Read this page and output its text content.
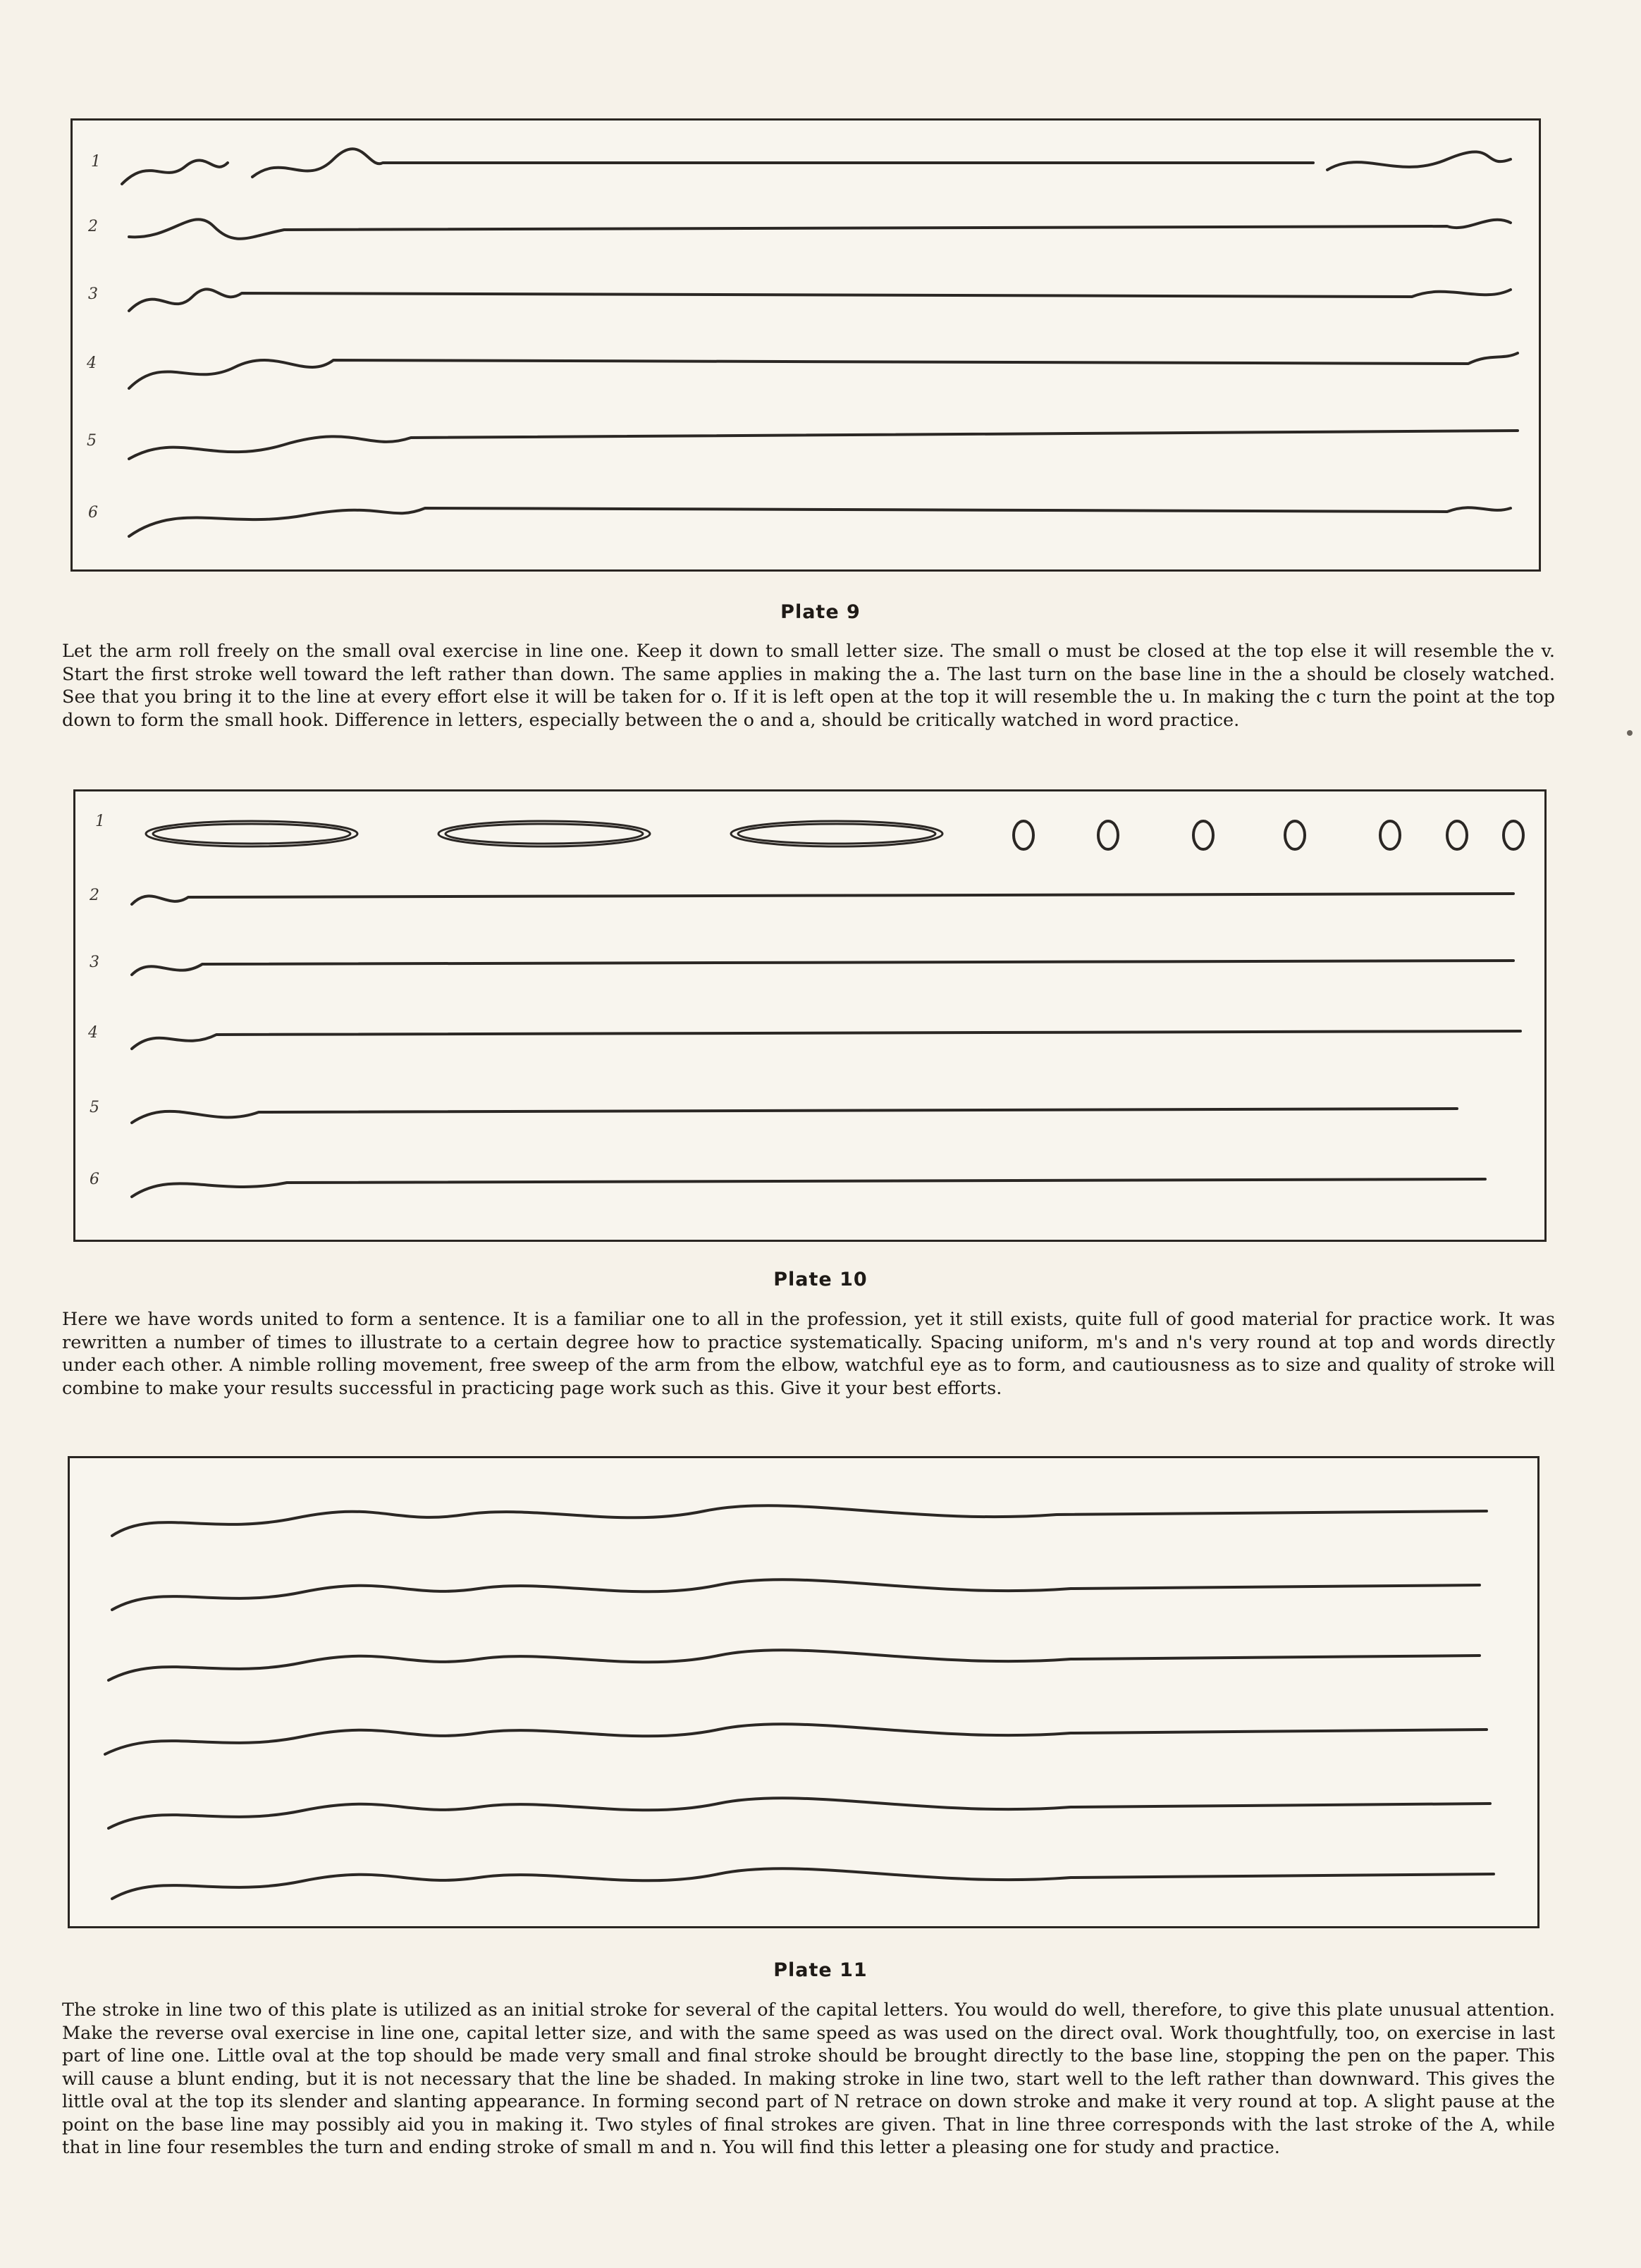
1
2
3
4
5
6
Plate 9

Let the arm roll freely on the small oval exercise in line one. Keep it down to small letter size. The small o must be closed at the top else it will resemble the v. Start the first stroke well toward the left rather than down. The same applies in making the a. The last turn on the base line in the a should be closely watched. See that you bring it to the line at every effort else it will be taken for o. If it is left open at the top it will resemble the u. In making the c turn the point at the top down to form the small hook. Difference in letters, especially between the o and a, should be critically watched in word practice.

1
2
3
4
5
6
Plate 10

Here we have words united to form a sentence. It is a familiar one to all in the profession, yet it still exists, quite full of good material for practice work. It was rewritten a number of times to illustrate to a certain degree how to practice systematically. Spacing uniform, m's and n's very round at top and words directly under each other. A nimble rolling movement, free sweep of the arm from the elbow, watchful eye as to form, and cautiousness as to size and quality of stroke will combine to make your results successful in practicing page work such as this. Give it your best efforts.

Plate 11

The stroke in line two of this plate is utilized as an initial stroke for several of the capital letters. You would do well, therefore, to give this plate unusual attention. Make the reverse oval exercise in line one, capital letter size, and with the same speed as was used on the direct oval. Work thoughtfully, too, on exercise in last part of line one. Little oval at the top should be made very small and final stroke should be brought directly to the base line, stopping the pen on the paper. This will cause a blunt ending, but it is not necessary that the line be shaded. In making stroke in line two, start well to the left rather than downward. This gives the little oval at the top its slender and slanting appearance. In forming second part of N retrace on down stroke and make it very round at top. A slight pause at the point on the base line may possibly aid you in making it. Two styles of final strokes are given. That in line three corresponds with the last stroke of the A, while that in line four resembles the turn and ending stroke of small m and n. You will find this letter a pleasing one for study and practice.
